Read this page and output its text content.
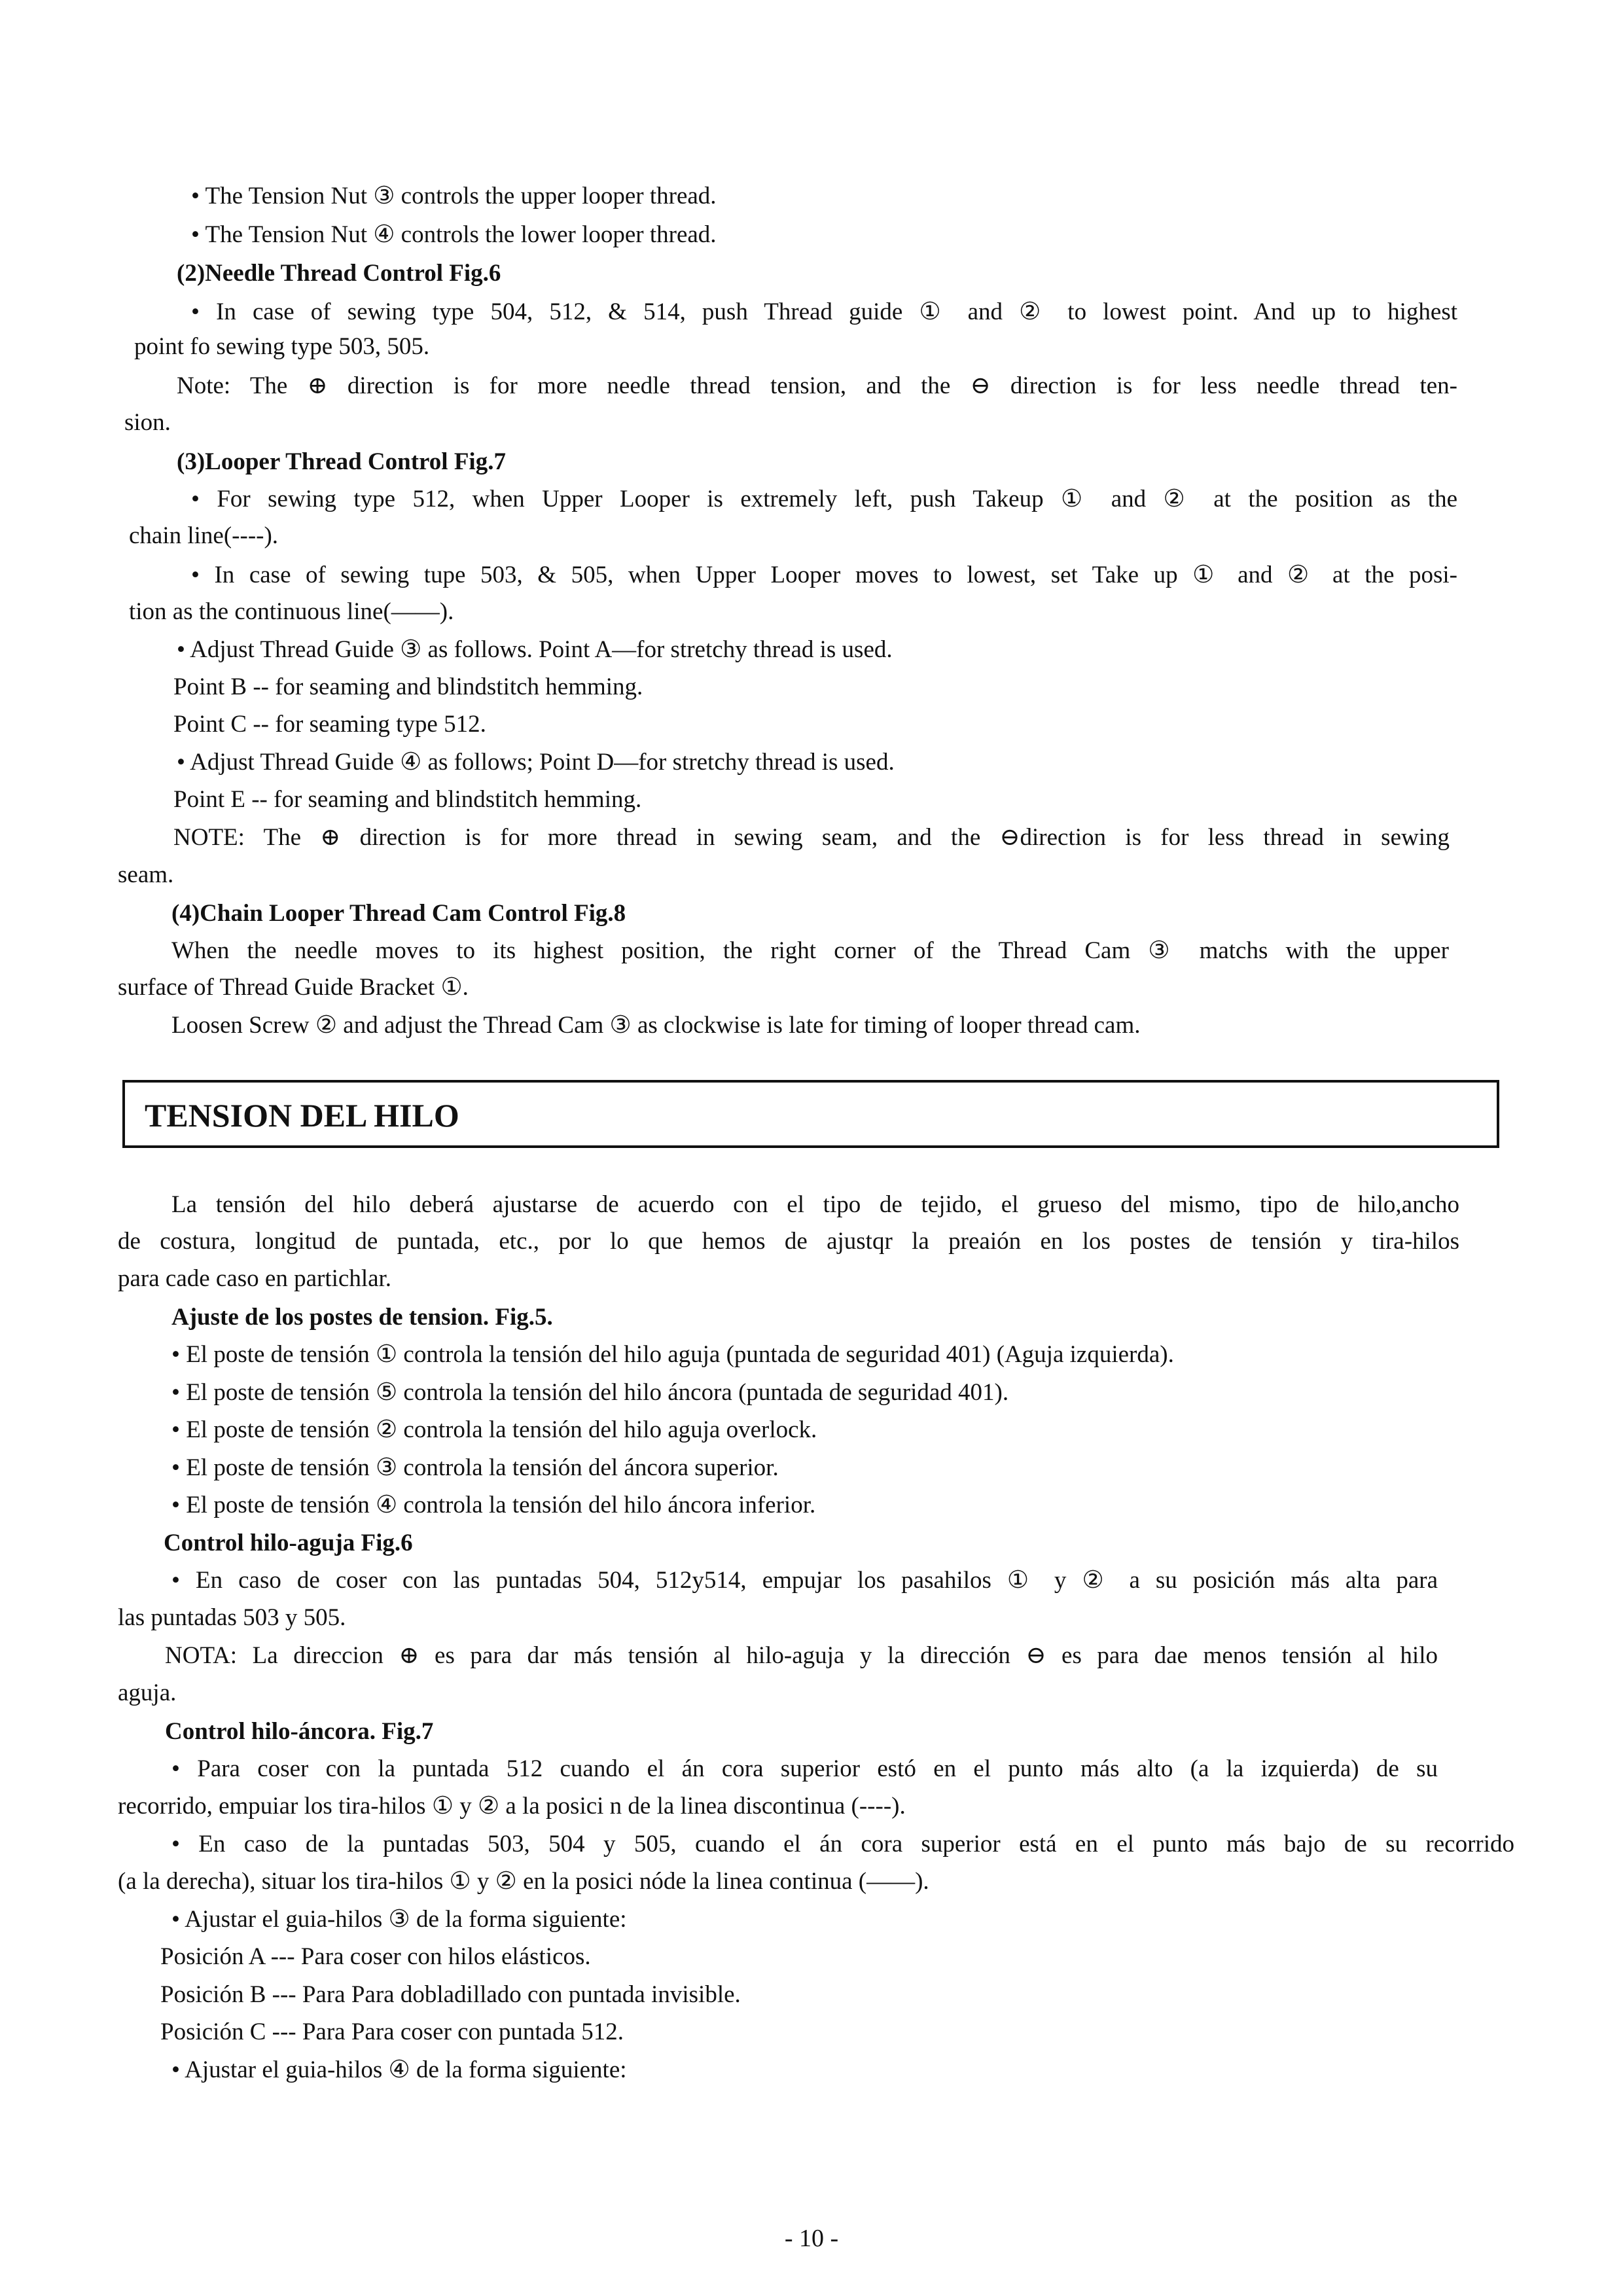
• The Tension Nut ③ controls the upper looper thread.
• The Tension Nut ④ controls the lower looper thread.
(2)Needle Thread Control Fig.6
• In case of sewing type 504, 512, & 514, push Thread guide ① and ② to lowest point. And up to highest
point fo sewing type 503, 505.
Note: The ⊕ direction is for more needle thread tension, and the ⊖ direction is for less needle thread ten-
sion.
(3)Looper Thread Control Fig.7
• For sewing type 512, when Upper Looper is extremely left, push Takeup ① and ② at the position as the
chain line(----).
• In case of sewing tupe 503, & 505, when Upper Looper moves to lowest, set Take up ① and ② at the posi-
tion as the continuous line(——).
• Adjust Thread Guide ③ as follows. Point A—for stretchy thread is used.
Point B -- for seaming and blindstitch hemming.
Point C -- for seaming type 512.
• Adjust Thread Guide ④ as follows; Point D—for stretchy thread is used.
Point E -- for seaming and blindstitch hemming.
NOTE: The ⊕ direction is for more thread in sewing seam, and the ⊖direction is for less thread in sewing
seam.
(4)Chain Looper Thread Cam Control Fig.8
When the needle moves to its highest position, the right corner of the Thread Cam ③ matchs with the upper
surface of Thread Guide Bracket ①.
Loosen Screw ② and adjust the Thread Cam ③ as clockwise is late for timing of looper thread cam.
TENSION DEL HILO
La tensión del hilo deberá ajustarse de acuerdo con el tipo de tejido, el grueso del mismo, tipo de hilo,ancho
de costura, longitud de puntada, etc., por lo que hemos de ajustqr la preaión en los postes de tensión y tira-hilos
para cade caso en partichlar.
Ajuste de los postes de tension. Fig.5.
• El poste de tensión ① controla la tensión del hilo aguja (puntada de seguridad 401) (Aguja izquierda).
• El poste de tensión ⑤ controla la tensión del hilo áncora (puntada de seguridad 401).
• El poste de tensión ② controla la tensión del hilo aguja overlock.
• El poste de tensión ③ controla la tensión del áncora superior.
• El poste de tensión ④ controla la tensión del hilo áncora inferior.
Control hilo-aguja Fig.6
• En caso de coser con las puntadas 504, 512y514, empujar los pasahilos ① y ② a su posición más alta para
las puntadas 503 y 505.
NOTA: La direccion ⊕ es para dar más tensión al hilo-aguja y la dirección ⊖ es para dae menos tensión al hilo
aguja.
Control hilo-áncora. Fig.7
• Para coser con la puntada 512 cuando el án cora superior estó en el punto más alto (a la izquierda) de su
recorrido, empuiar los tira-hilos ① y ② a la posici n de la linea discontinua (----).
• En caso de la puntadas 503, 504 y 505, cuando el án cora superior está en el punto más bajo de su recorrido
(a la derecha), situar los tira-hilos ① y ② en la posici nóde la linea continua (——).
• Ajustar el guia-hilos ③ de la forma siguiente:
Posición A --- Para coser con hilos elásticos.
Posición B --- Para Para dobladillado con puntada invisible.
Posición C --- Para Para coser con puntada 512.
• Ajustar el guia-hilos ④ de la forma siguiente:
- 10 -
